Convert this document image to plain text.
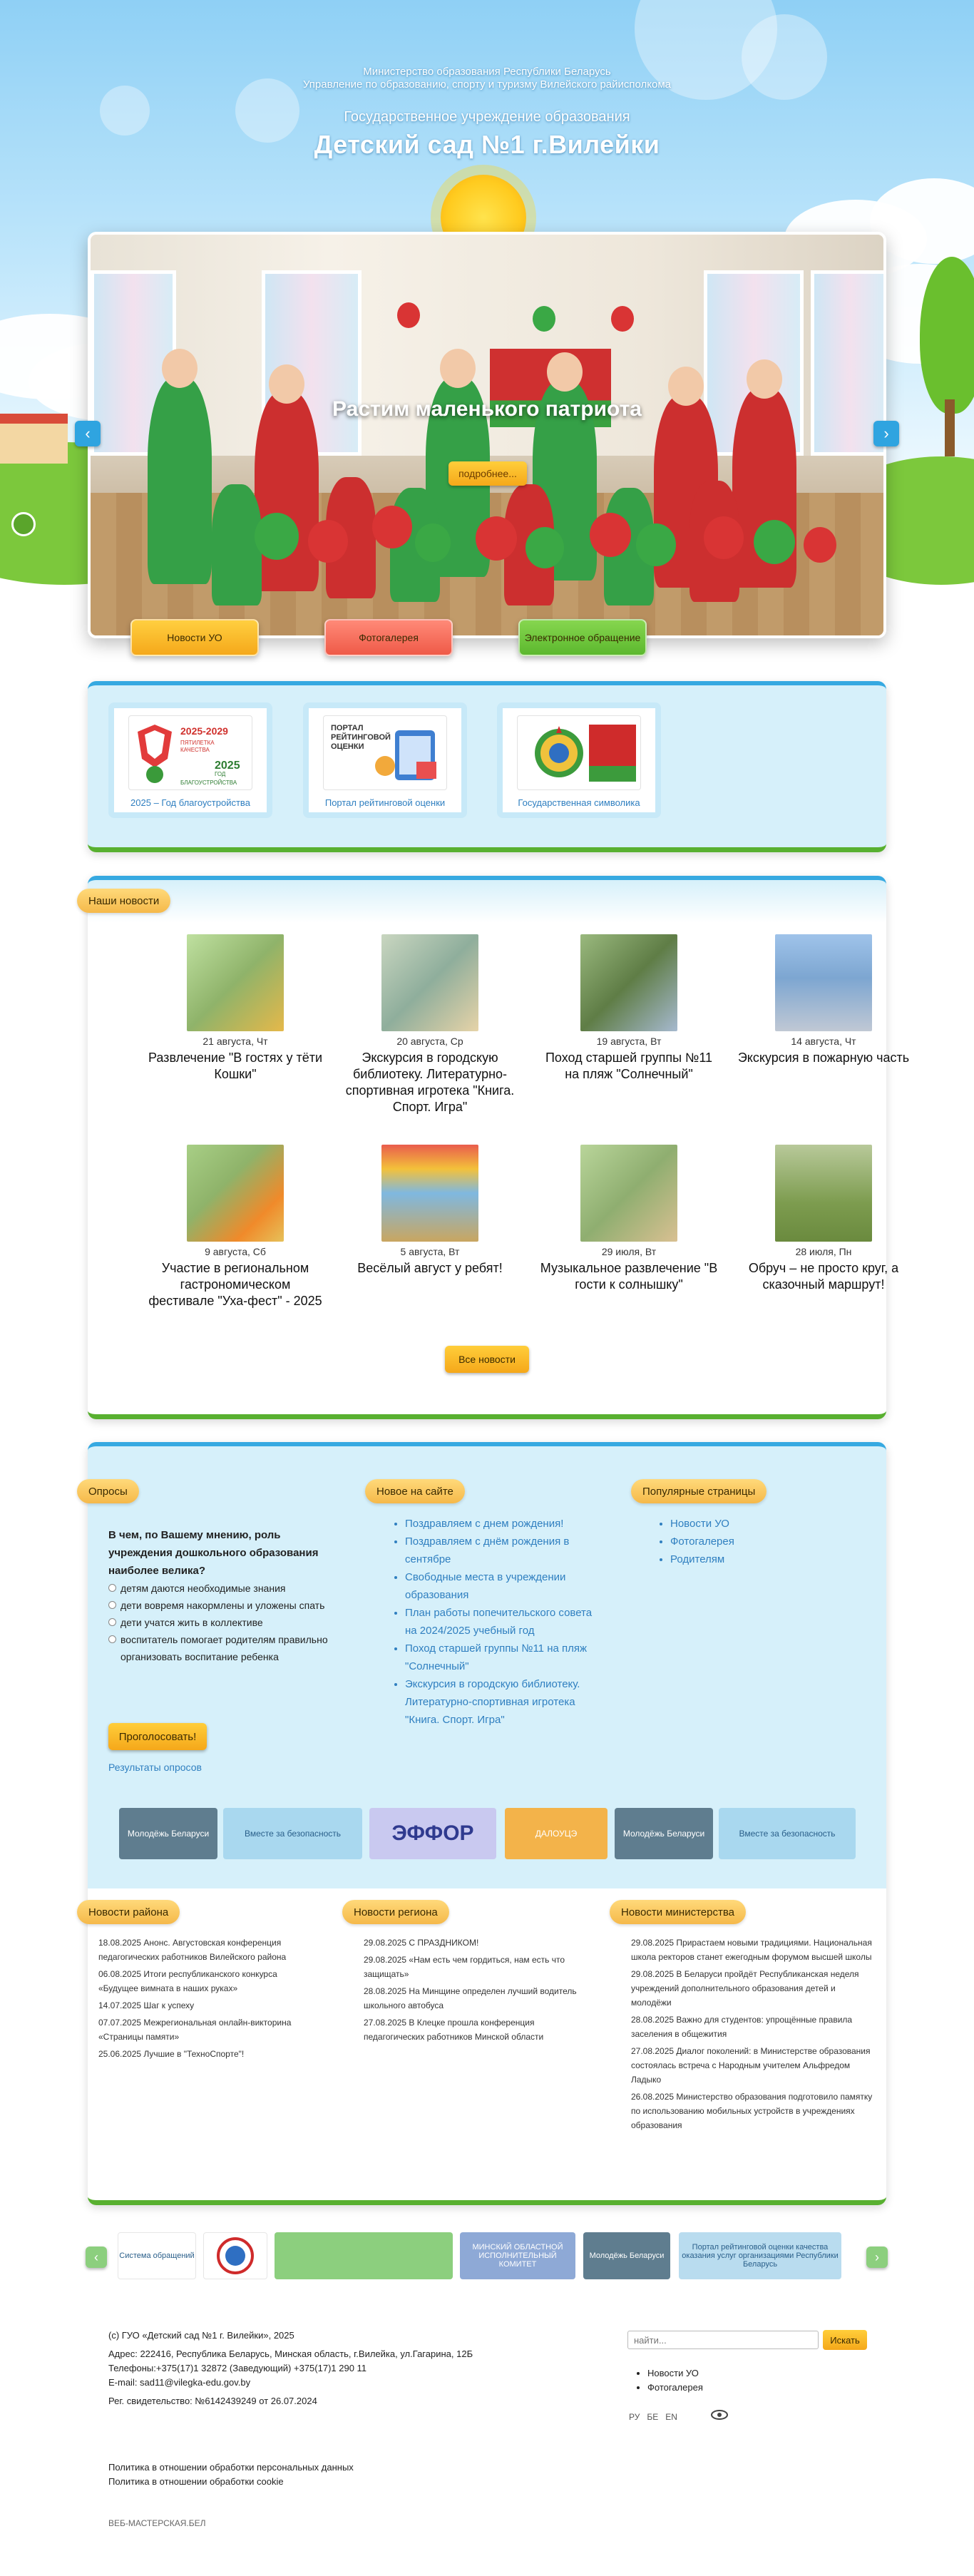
Министерство образования Республики Беларусь
Управление по образованию, спорту и туризму Вилейского райисполкома
Государственное учреждение образования
Детский сад №1 г.Вилейки
Растим маленького патриота
подробнее...
‹	›
Новости УО	Фотогалерея	Электронное обращение
2025-2029
ПЯТИЛЕТКА
КАЧЕСТВА
2025
ГОД
БЛАГОУСТРОЙСТВА
2025 – Год благоустройства
ПОРТАЛ
РЕЙТИНГОВОЙ
ОЦЕНКИ
Портал рейтинговой оценки	Государственная символика
Наши новости
21 августа, Чт
Развлечение "В гостях у тёти Кошки"
20 августа, Ср
Экскурсия в городскую библиотеку. Литературно-спортивная игротека "Книга. Спорт. Игра"
19 августа, Вт
Поход старшей группы №11 на пляж "Солнечный"
14 августа, Чт
Экскурсия в пожарную часть
9 августа, Сб
Участие в региональном гастрономическом фестивале "Уха-фест" - 2025
5 августа, Вт
Весёлый август у ребят!
29 июля, Вт
Музыкальное развлечение "В гости к солнышку"
28 июля, Пн
Обруч – не просто круг, а сказочный маршрут!
Все новости
Опросы
В чем, по Вашему мнению, роль учреждения дошкольного образования наиболее велика?
детям даются необходимые знания
дети вовремя накормлены и уложены спать
дети учатся жить в коллективе
воспитатель помогает родителям правильно организовать воспитание ребенка
Проголосовать!
Результаты опросов
Новое на сайте
• Поздравляем с днем рождения!
• Поздравляем с днём рождения в сентябре
• Свободные места в учреждении образования
• План работы попечительского совета на 2024/2025 учебный год
• Поход старшей группы №11 на пляж "Солнечный"
• Экскурсия в городскую библиотеку. Литературно-спортивная игротека "Книга. Спорт. Игра"
Популярные страницы
• Новости УО
• Фотогалерея
• Родителям
Молодёжь Беларуси	Вместе за безопасность	ЭФФОР	ДАЛОУЦЭ	Молодёжь Беларуси	Вместе за безопасность
Новости района
18.08.2025 Анонс. Августовская конференция педагогических работников Вилейского района
06.08.2025 Итоги республиканского конкурса «Будущее вимната в наших руках»
14.07.2025 Шаг к успеху
07.07.2025 Межрегиональная онлайн-викторина «Страницы памяти»
25.06.2025 Лучшие в "ТехноСпорте"!
Новости региона
29.08.2025 С ПРАЗДНИКОМ!
29.08.2025 «Нам есть чем гордиться, нам есть что защищать»
28.08.2025 На Минщине определен лучший водитель школьного автобуса
27.08.2025 В Клецке прошла конференция педагогических работников Минской области
Новости министерства
29.08.2025 Прирастаем новыми традициями. Национальная школа ректоров станет ежегодным форумом высшей школы
29.08.2025 В Беларуси пройдёт Республиканская неделя учреждений дополнительного образования детей и молодёжи
28.08.2025 Важно для студентов: упрощённые правила заселения в общежития
27.08.2025 Диалог поколений: в Министерстве образования состоялась встреча с Народным учителем Альфредом Ладыко
26.08.2025 Министерство образования подготовило памятку по использованию мобильных устройств в учреждениях образования
‹	Система обращений
МИНСКИЙ ОБЛАСТНОЙ ИСПОЛНИТЕЛЬНЫЙ КОМИТЕТ
Молодёжь Беларуси
Портал рейтинговой оценки качества оказания услуг организациями Республики Беларусь	›
(c) ГУО «Детский сад №1 г. Вилейки», 2025
Адрес: 222416, Республика Беларусь, Минская область, г.Вилейка, ул.Гагарина, 12Б
Телефоны:+375(17)1 32872 (Заведующий) +375(17)1 290 11
E-mail: sad11@vilegka-edu.gov.by
Рег. свидетельство: №6142439249 от 26.07.2024
Политика в отношении обработки персональных данных
Политика в отношении обработки cookie
ВЕБ-МАСТЕРСКАЯ.БЕЛ
найти...
Искать
• Новости УО
• Фотогалерея
РУ БЕ EN
